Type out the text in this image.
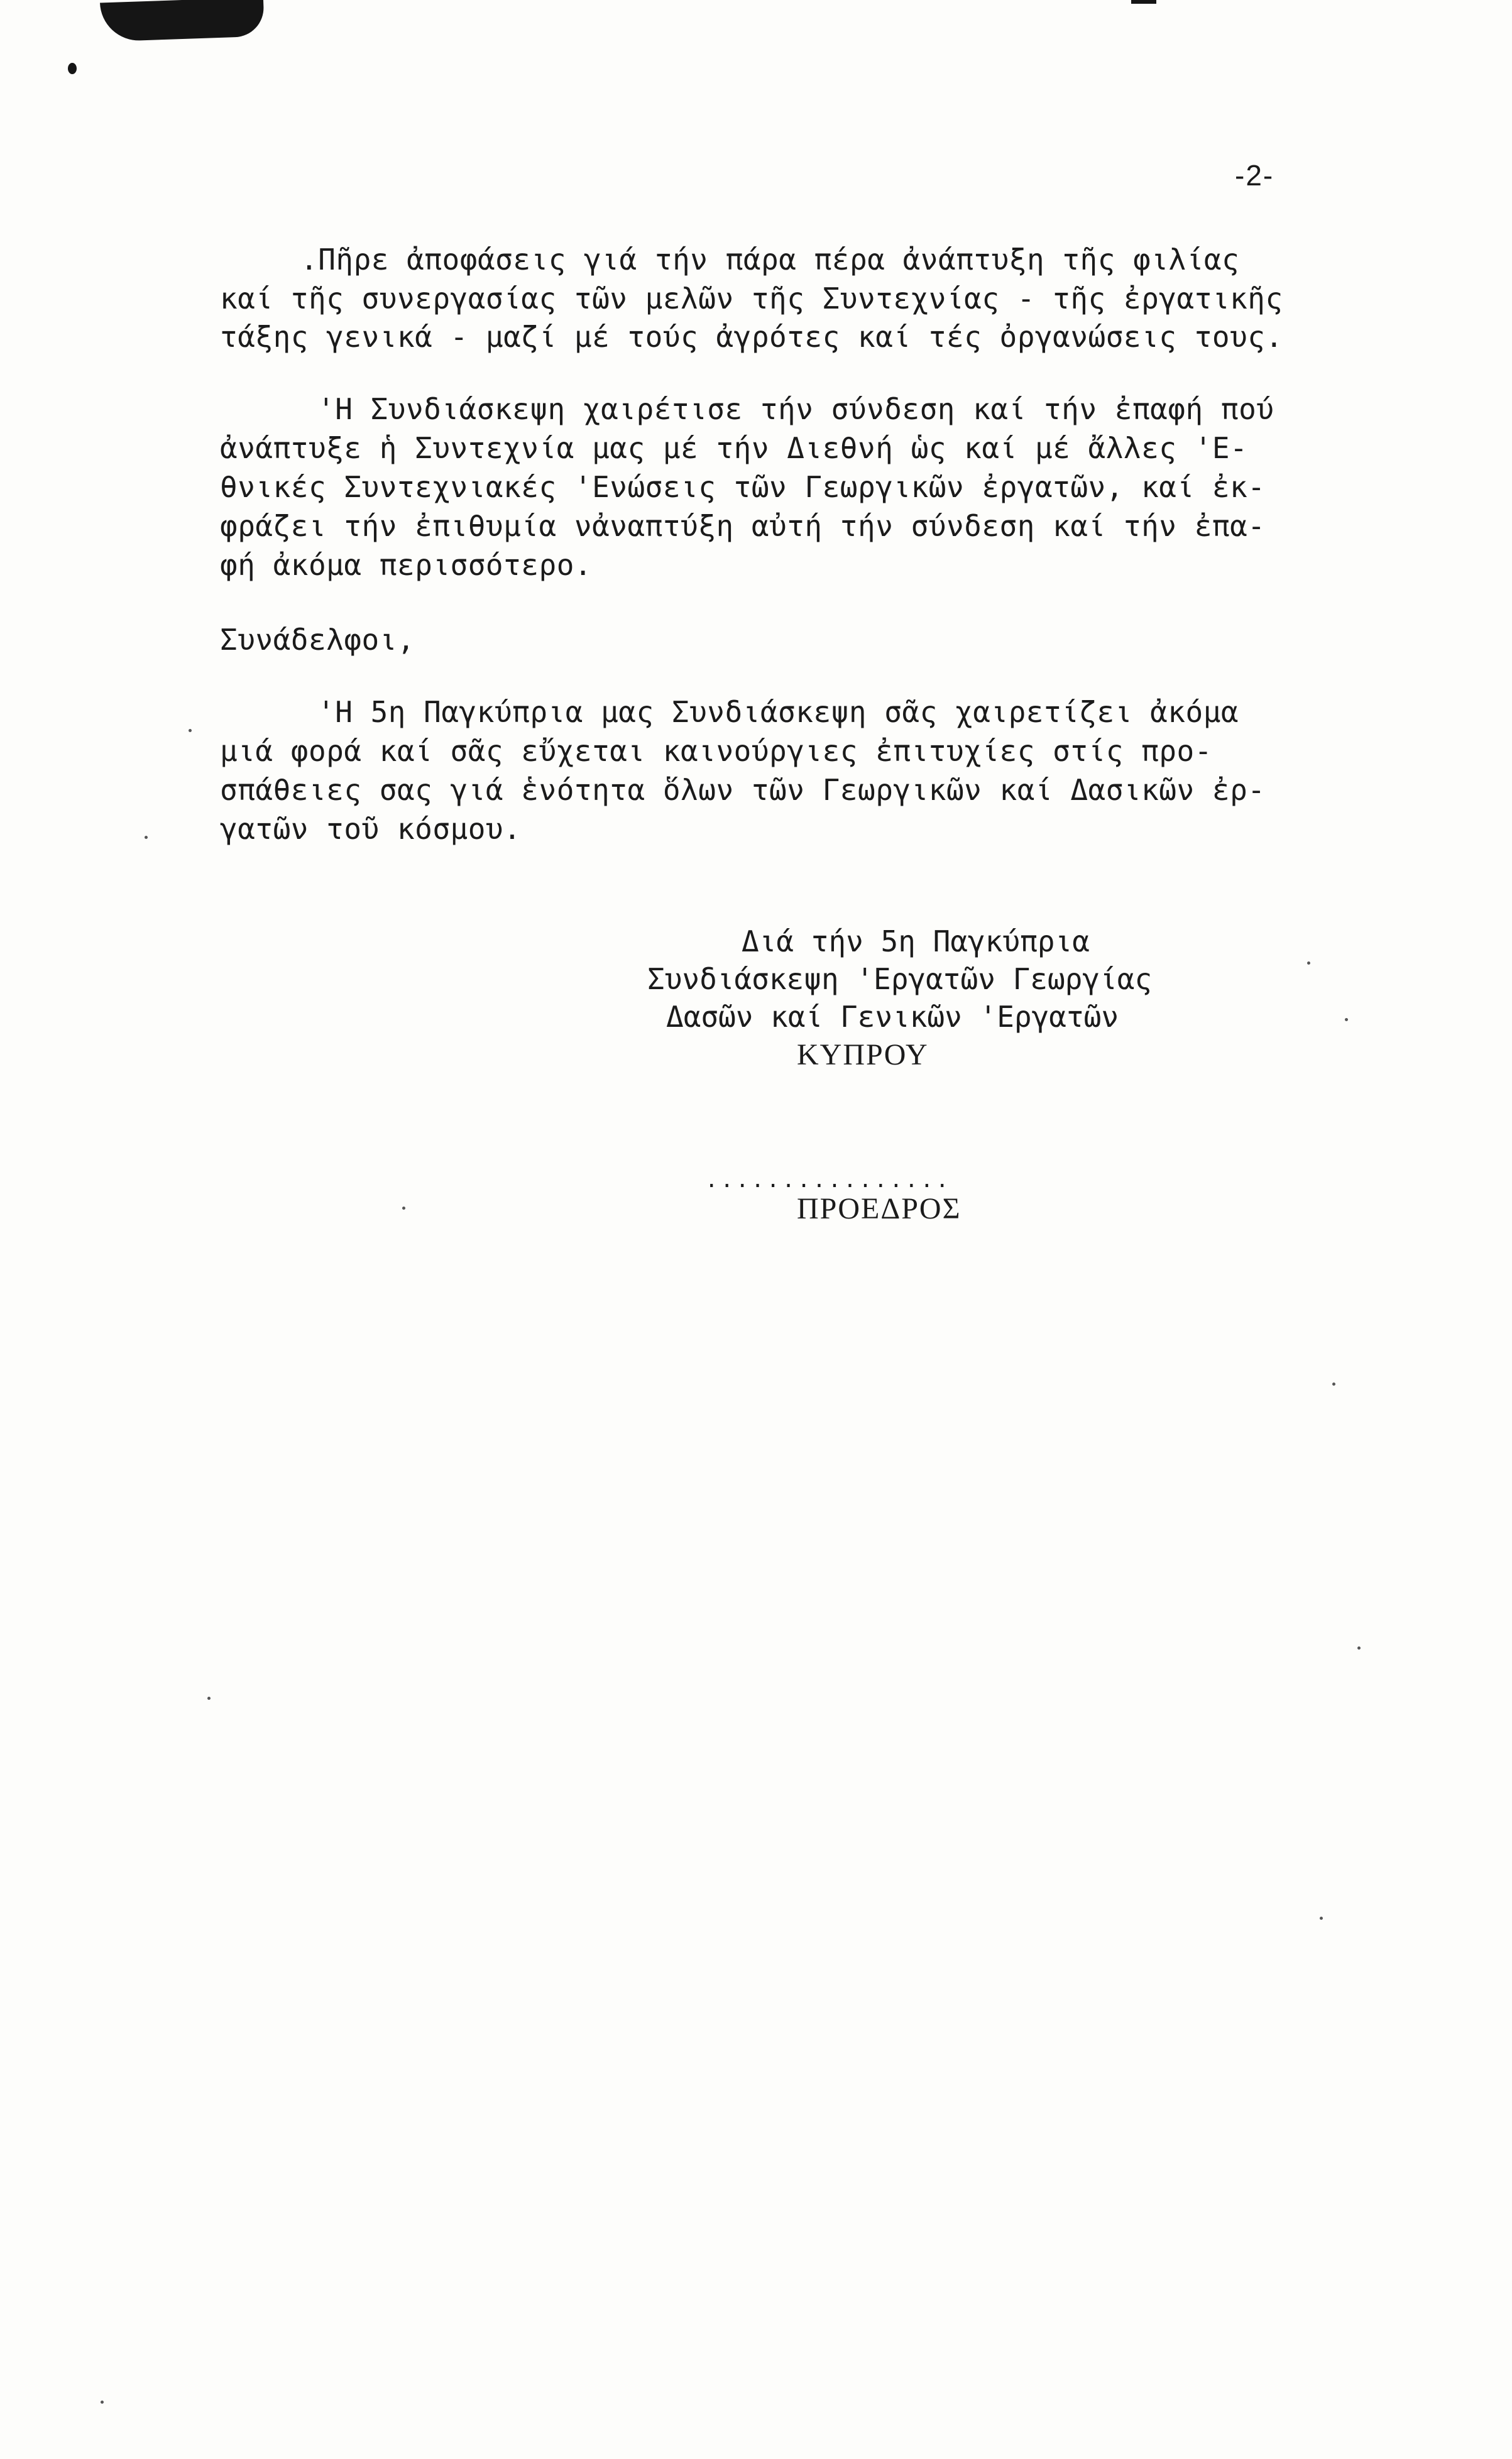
-2-
.Πῆρε ἀποφάσεις γιά τήν πάρα πέρα ἀνάπτυξη τῆς φιλίας
καί τῆς συνεργασίας τῶν μελῶν τῆς Συντεχνίας - τῆς ἐργατικῆς
τάξης γενικά - μαζί μέ τούς ἀγρότες καί τές ὀργανώσεις τους.
'Η Συνδιάσκεψη χαιρέτισε τήν σύνδεση καί τήν ἐπαφή πού
ἀνάπτυξε ἡ Συντεχνία μας μέ τήν Διεθνή ὡς καί μέ ἄλλες 'Ε-
θνικές Συντεχνιακές 'Ενώσεις τῶν Γεωργικῶν ἐργατῶν, καί ἐκ-
φράζει τήν ἐπιθυμία νἀναπτύξη αὐτή τήν σύνδεση καί τήν ἐπα-
φή ἀκόμα περισσότερο.
Συνάδελφοι,
'Η 5η Παγκύπρια μας Συνδιάσκεψη σᾶς χαιρετίζει ἀκόμα
μιά φορά καί σᾶς εὔχεται καινούργιες ἐπιτυχίες στίς προ-
σπάθειες σας γιά ἑνότητα ὅλων τῶν Γεωργικῶν καί Δασικῶν ἐρ-
γατῶν τοῦ κόσμου.
Διά τήν 5η Παγκύπρια
Συνδιάσκεψη 'Εργατῶν Γεωργίας
Δασῶν καί Γενικῶν 'Εργατῶν
ΚΥΠΡΟΥ
................
ΠΡΟΕΔΡΟΣ
